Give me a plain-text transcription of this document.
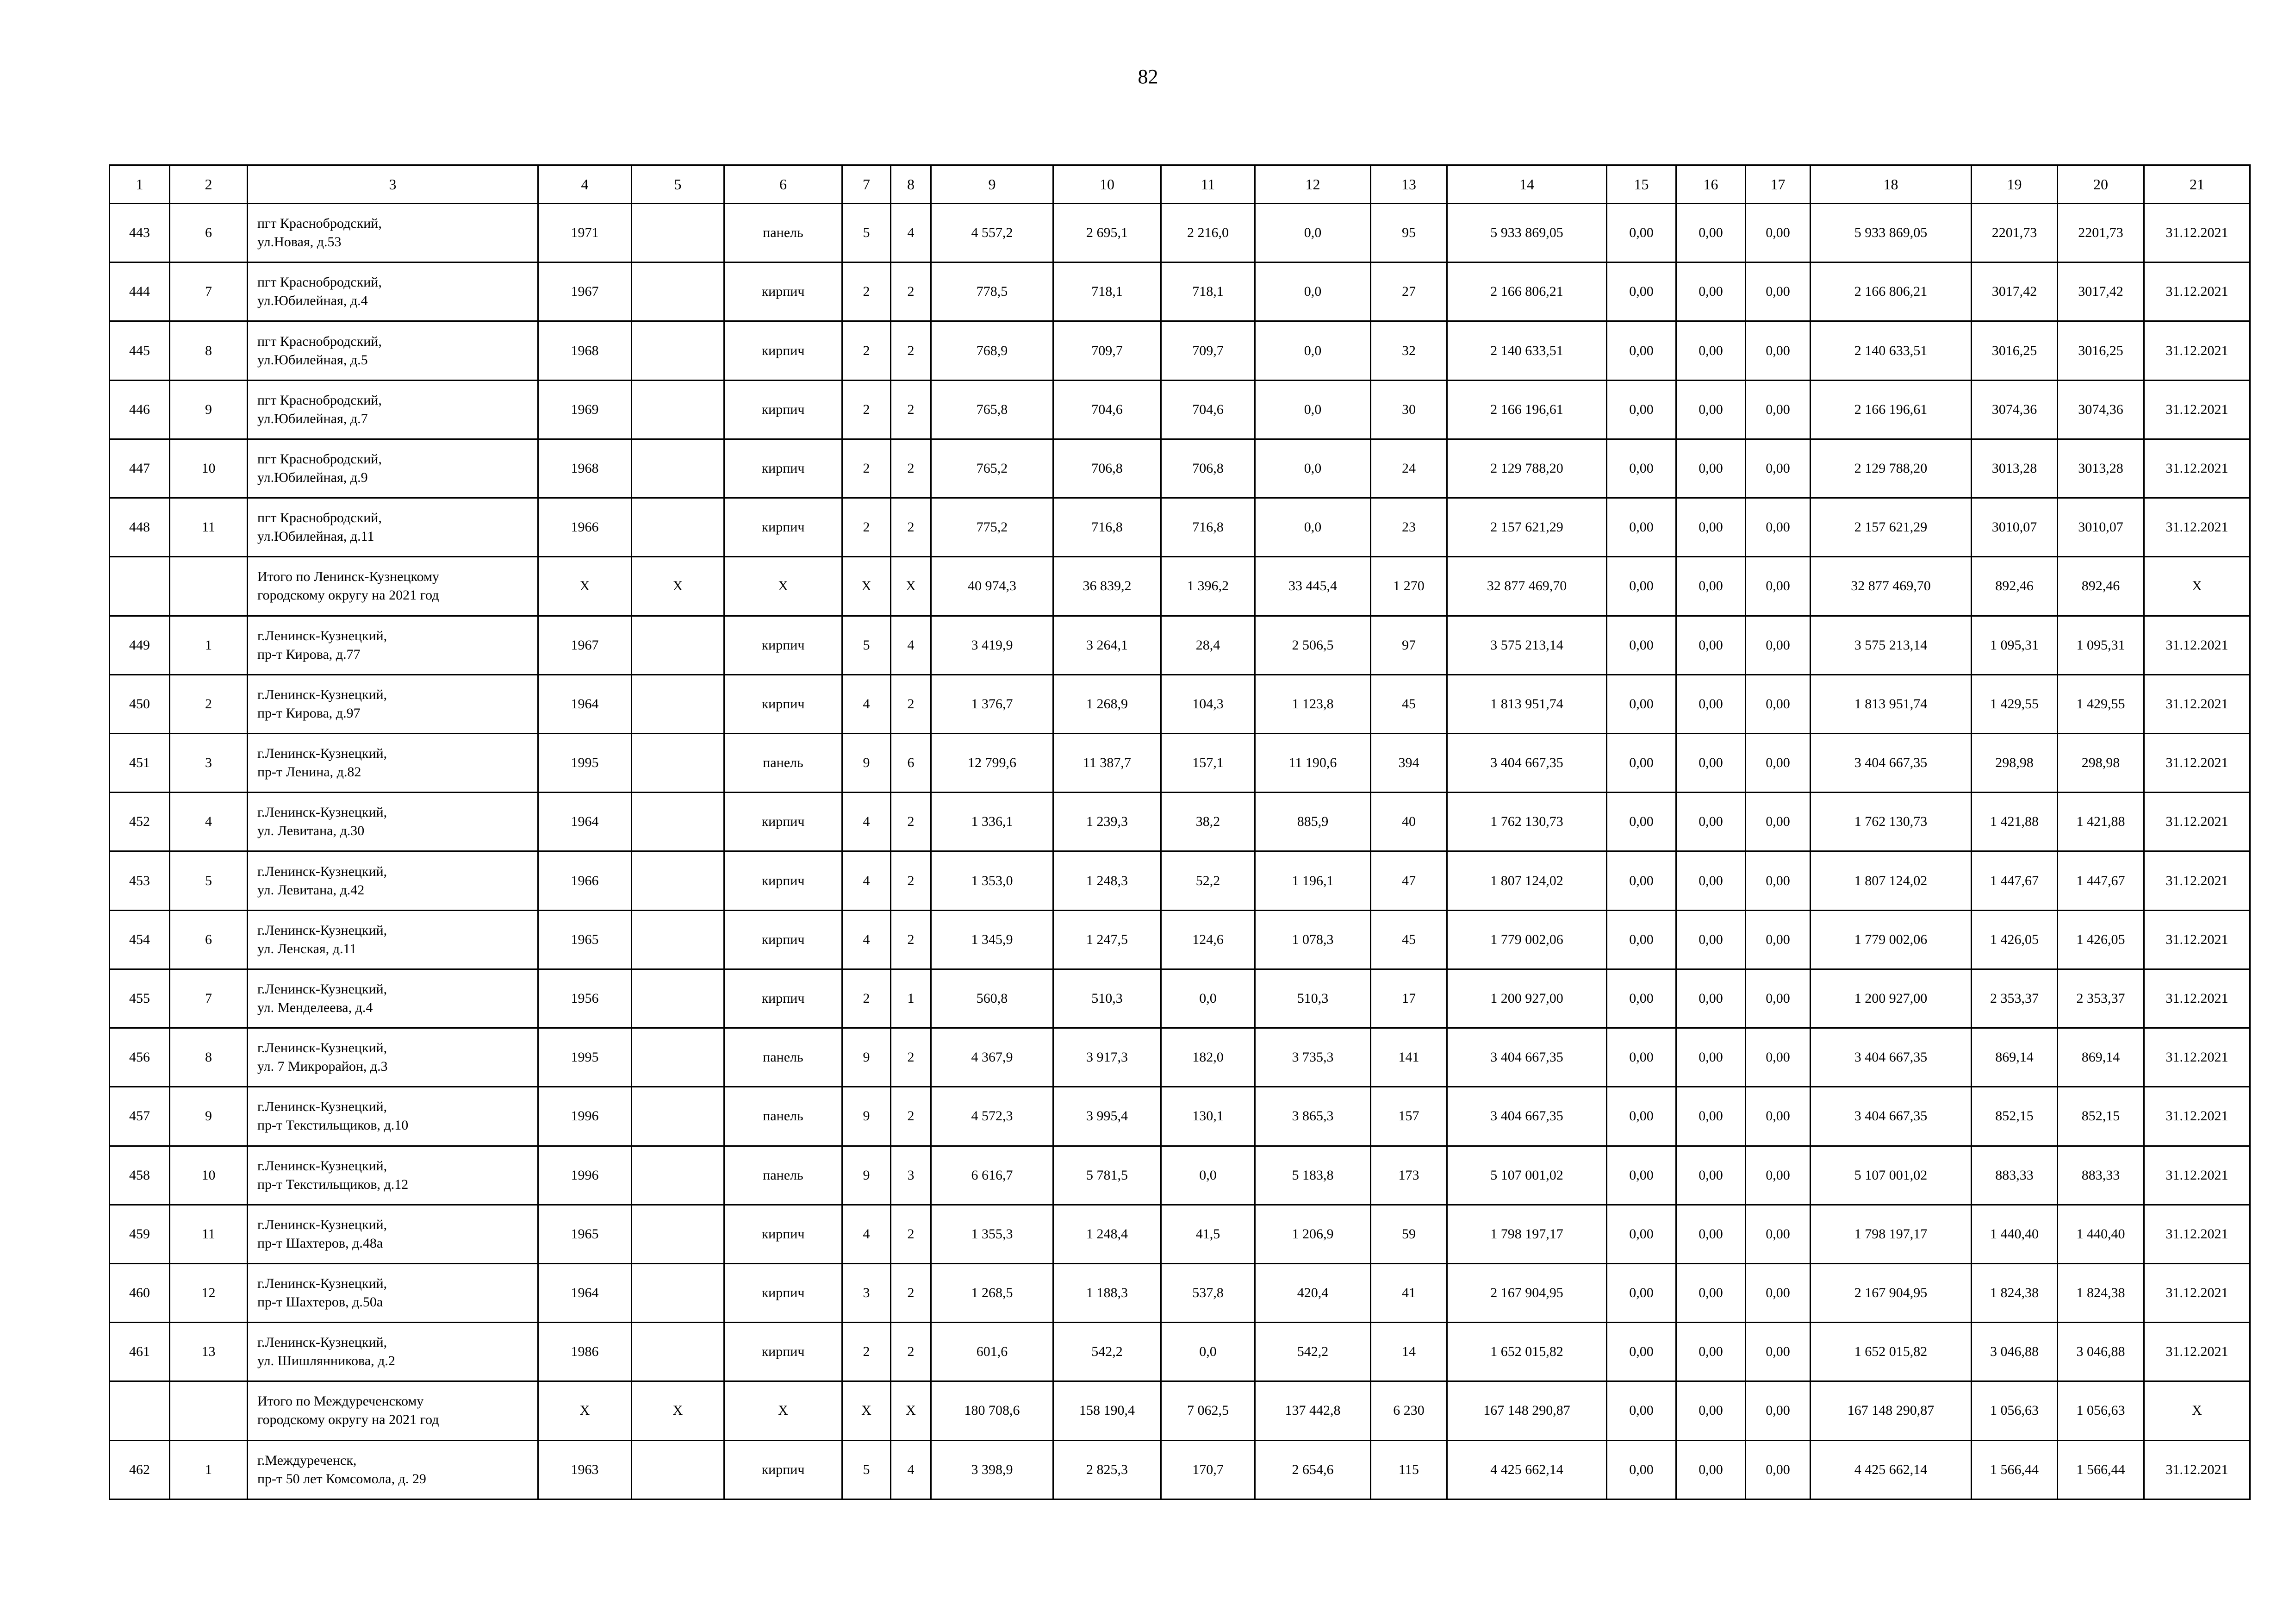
82
1	2	3	4	5	6	7	8	9	10	11	12	13	14	15	16	17	18	19	20	21
443	6	пгт Краснобродский,
ул.Новая, д.53	1971		панель	5	4	4 557,2	2 695,1	2 216,0	0,0	95	5 933 869,05	0,00	0,00	0,00	5 933 869,05	2201,73	2201,73	31.12.2021
444	7	пгт Краснобродский,
ул.Юбилейная, д.4	1967		кирпич	2	2	778,5	718,1	718,1	0,0	27	2 166 806,21	0,00	0,00	0,00	2 166 806,21	3017,42	3017,42	31.12.2021
445	8	пгт Краснобродский,
ул.Юбилейная, д.5	1968		кирпич	2	2	768,9	709,7	709,7	0,0	32	2 140 633,51	0,00	0,00	0,00	2 140 633,51	3016,25	3016,25	31.12.2021
446	9	пгт Краснобродский,
ул.Юбилейная, д.7	1969		кирпич	2	2	765,8	704,6	704,6	0,0	30	2 166 196,61	0,00	0,00	0,00	2 166 196,61	3074,36	3074,36	31.12.2021
447	10	пгт Краснобродский,
ул.Юбилейная, д.9	1968		кирпич	2	2	765,2	706,8	706,8	0,0	24	2 129 788,20	0,00	0,00	0,00	2 129 788,20	3013,28	3013,28	31.12.2021
448	11	пгт Краснобродский,
ул.Юбилейная, д.11	1966		кирпич	2	2	775,2	716,8	716,8	0,0	23	2 157 621,29	0,00	0,00	0,00	2 157 621,29	3010,07	3010,07	31.12.2021

		Итого по Ленинск-Кузнецкому
городскому округу на 2021 год	X	X	X	X	X	40 974,3	36 839,2	1 396,2	33 445,4	1 270	32 877 469,70	0,00	0,00	0,00	32 877 469,70	892,46	892,46	X
449	1	г.Ленинск-Кузнецкий,
пр-т Кирова, д.77	1967		кирпич	5	4	3 419,9	3 264,1	28,4	2 506,5	97	3 575 213,14	0,00	0,00	0,00	3 575 213,14	1 095,31	1 095,31	31.12.2021
450	2	г.Ленинск-Кузнецкий,
пр-т Кирова, д.97	1964		кирпич	4	2	1 376,7	1 268,9	104,3	1 123,8	45	1 813 951,74	0,00	0,00	0,00	1 813 951,74	1 429,55	1 429,55	31.12.2021
451	3	г.Ленинск-Кузнецкий,
пр-т Ленина, д.82	1995		панель	9	6	12 799,6	11 387,7	157,1	11 190,6	394	3 404 667,35	0,00	0,00	0,00	3 404 667,35	298,98	298,98	31.12.2021
452	4	г.Ленинск-Кузнецкий,
ул. Левитана, д.30	1964		кирпич	4	2	1 336,1	1 239,3	38,2	885,9	40	1 762 130,73	0,00	0,00	0,00	1 762 130,73	1 421,88	1 421,88	31.12.2021
453	5	г.Ленинск-Кузнецкий,
ул. Левитана, д.42	1966		кирпич	4	2	1 353,0	1 248,3	52,2	1 196,1	47	1 807 124,02	0,00	0,00	0,00	1 807 124,02	1 447,67	1 447,67	31.12.2021
454	6	г.Ленинск-Кузнецкий,
ул. Ленская, д.11	1965		кирпич	4	2	1 345,9	1 247,5	124,6	1 078,3	45	1 779 002,06	0,00	0,00	0,00	1 779 002,06	1 426,05	1 426,05	31.12.2021
455	7	г.Ленинск-Кузнецкий,
ул. Менделеева, д.4	1956		кирпич	2	1	560,8	510,3	0,0	510,3	17	1 200 927,00	0,00	0,00	0,00	1 200 927,00	2 353,37	2 353,37	31.12.2021
456	8	г.Ленинск-Кузнецкий,
ул. 7 Микрорайон, д.3	1995		панель	9	2	4 367,9	3 917,3	182,0	3 735,3	141	3 404 667,35	0,00	0,00	0,00	3 404 667,35	869,14	869,14	31.12.2021
457	9	г.Ленинск-Кузнецкий,
пр-т Текстильщиков, д.10	1996		панель	9	2	4 572,3	3 995,4	130,1	3 865,3	157	3 404 667,35	0,00	0,00	0,00	3 404 667,35	852,15	852,15	31.12.2021
458	10	г.Ленинск-Кузнецкий,
пр-т Текстильщиков, д.12	1996		панель	9	3	6 616,7	5 781,5	0,0	5 183,8	173	5 107 001,02	0,00	0,00	0,00	5 107 001,02	883,33	883,33	31.12.2021
459	11	г.Ленинск-Кузнецкий,
пр-т Шахтеров, д.48а	1965		кирпич	4	2	1 355,3	1 248,4	41,5	1 206,9	59	1 798 197,17	0,00	0,00	0,00	1 798 197,17	1 440,40	1 440,40	31.12.2021
460	12	г.Ленинск-Кузнецкий,
пр-т Шахтеров, д.50а	1964		кирпич	3	2	1 268,5	1 188,3	537,8	420,4	41	2 167 904,95	0,00	0,00	0,00	2 167 904,95	1 824,38	1 824,38	31.12.2021
461	13	г.Ленинск-Кузнецкий,
ул. Шишлянникова, д.2	1986		кирпич	2	2	601,6	542,2	0,0	542,2	14	1 652 015,82	0,00	0,00	0,00	1 652 015,82	3 046,88	3 046,88	31.12.2021

		Итого по Междуреченскому
городскому округу на 2021 год	X	X	X	X	X	180 708,6	158 190,4	7 062,5	137 442,8	6 230	167 148 290,87	0,00	0,00	0,00	167 148 290,87	1 056,63	1 056,63	X
462	1	г.Междуреченск,
пр-т 50 лет Комсомола, д. 29	1963		кирпич	5	4	3 398,9	2 825,3	170,7	2 654,6	115	4 425 662,14	0,00	0,00	0,00	4 425 662,14	1 566,44	1 566,44	31.12.2021
